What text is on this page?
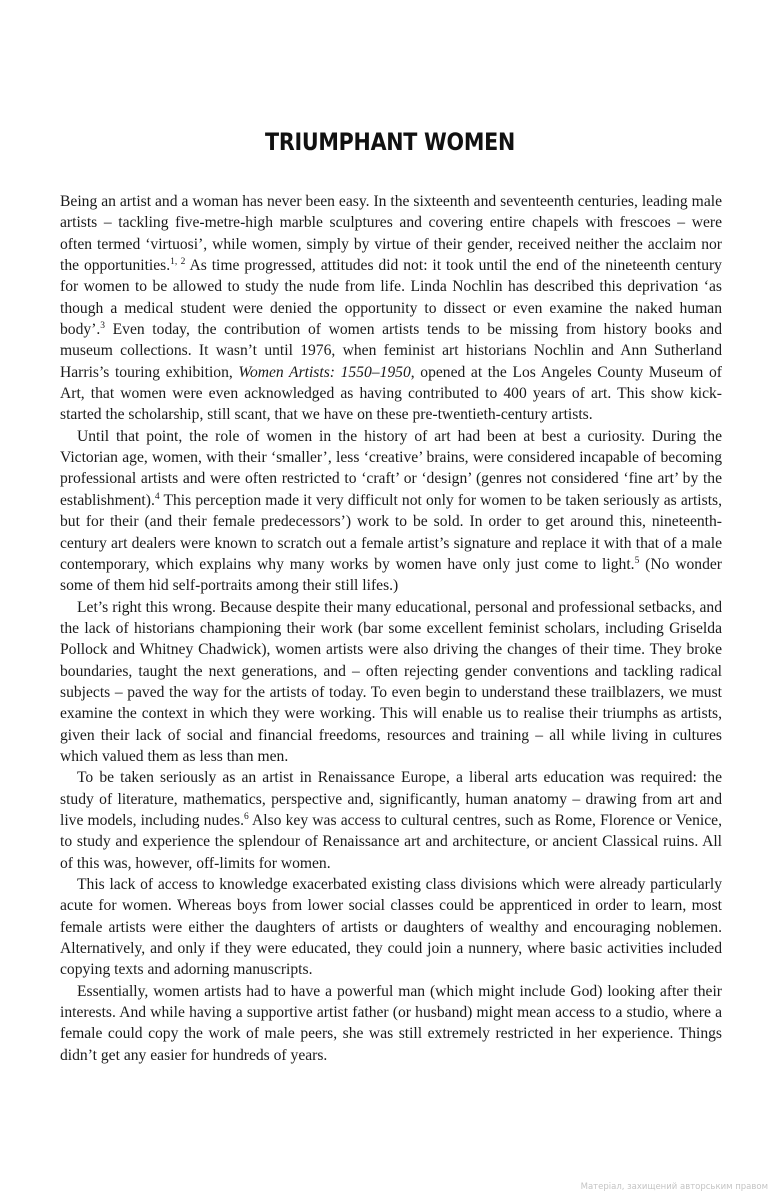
TRIUMPHANT WOMEN

Being an artist and a woman has never been easy. In the sixteenth and seventeenth centuries, leading male artists – tackling five-metre-high marble sculptures and covering entire chapels with frescoes – were often termed ‘virtuosi’, while women, simply by virtue of their gender, received neither the acclaim nor the opportunities.$^{1, 2}$ As time progressed, attitudes did not: it took until the end of the nineteenth century for women to be allowed to study the nude from life. Linda Nochlin has described this deprivation ‘as though a medical student were denied the opportunity to dissect or even examine the naked human body’.$^3$ Even today, the contribution of women artists tends to be missing from history books and museum collections. It wasn’t until 1976, when feminist art historians Nochlin and Ann Sutherland Harris’s touring exhibition, Women Artists: 1550–1950, opened at the Los Angeles County Museum of Art, that women were even acknowledged as having contributed to 400 years of art. This show kick-started the scholarship, still scant, that we have on these pre-twentieth-century artists.

Until that point, the role of women in the history of art had been at best a curiosity. During the Victorian age, women, with their ‘smaller’, less ‘creative’ brains, were considered incapable of becoming professional artists and were often restricted to ‘craft’ or ‘design’ (genres not considered ‘fine art’ by the establishment).$^4$ This perception made it very difficult not only for women to be taken seriously as artists, but for their (and their female predecessors’) work to be sold. In order to get around this, nineteenth-century art dealers were known to scratch out a female artist’s signature and replace it with that of a male contemporary, which explains why many works by women have only just come to light.$^5$ (No wonder some of them hid self-portraits among their still lifes.)

Let’s right this wrong. Because despite their many educational, personal and professional setbacks, and the lack of historians championing their work (bar some excellent feminist scholars, including Griselda Pollock and Whitney Chadwick), women artists were also driving the changes of their time. They broke boundaries, taught the next generations, and – often rejecting gender conventions and tackling radical subjects – paved the way for the artists of today. To even begin to understand these trailblazers, we must examine the context in which they were working. This will enable us to realise their triumphs as artists, given their lack of social and financial freedoms, resources and training – all while living in cultures which valued them as less than men.

To be taken seriously as an artist in Renaissance Europe, a liberal arts education was required: the study of literature, mathematics, perspective and, significantly, human anatomy – drawing from art and live models, including nudes.$^6$ Also key was access to cultural centres, such as Rome, Florence or Venice, to study and experience the splendour of Renaissance art and architecture, or ancient Classical ruins. All of this was, however, off-limits for women.

This lack of access to knowledge exacerbated existing class divisions which were already particularly acute for women. Whereas boys from lower social classes could be apprenticed in order to learn, most female artists were either the daughters of artists or daughters of wealthy and encouraging noblemen. Alternatively, and only if they were educated, they could join a nunnery, where basic activities included copying texts and adorning manuscripts.

Essentially, women artists had to have a powerful man (which might include God) looking after their interests. And while having a supportive artist father (or husband) might mean access to a studio, where a female could copy the work of male peers, she was still extremely restricted in her experience. Things didn’t get any easier for hundreds of years.

Матеріал, захищений авторським правом
